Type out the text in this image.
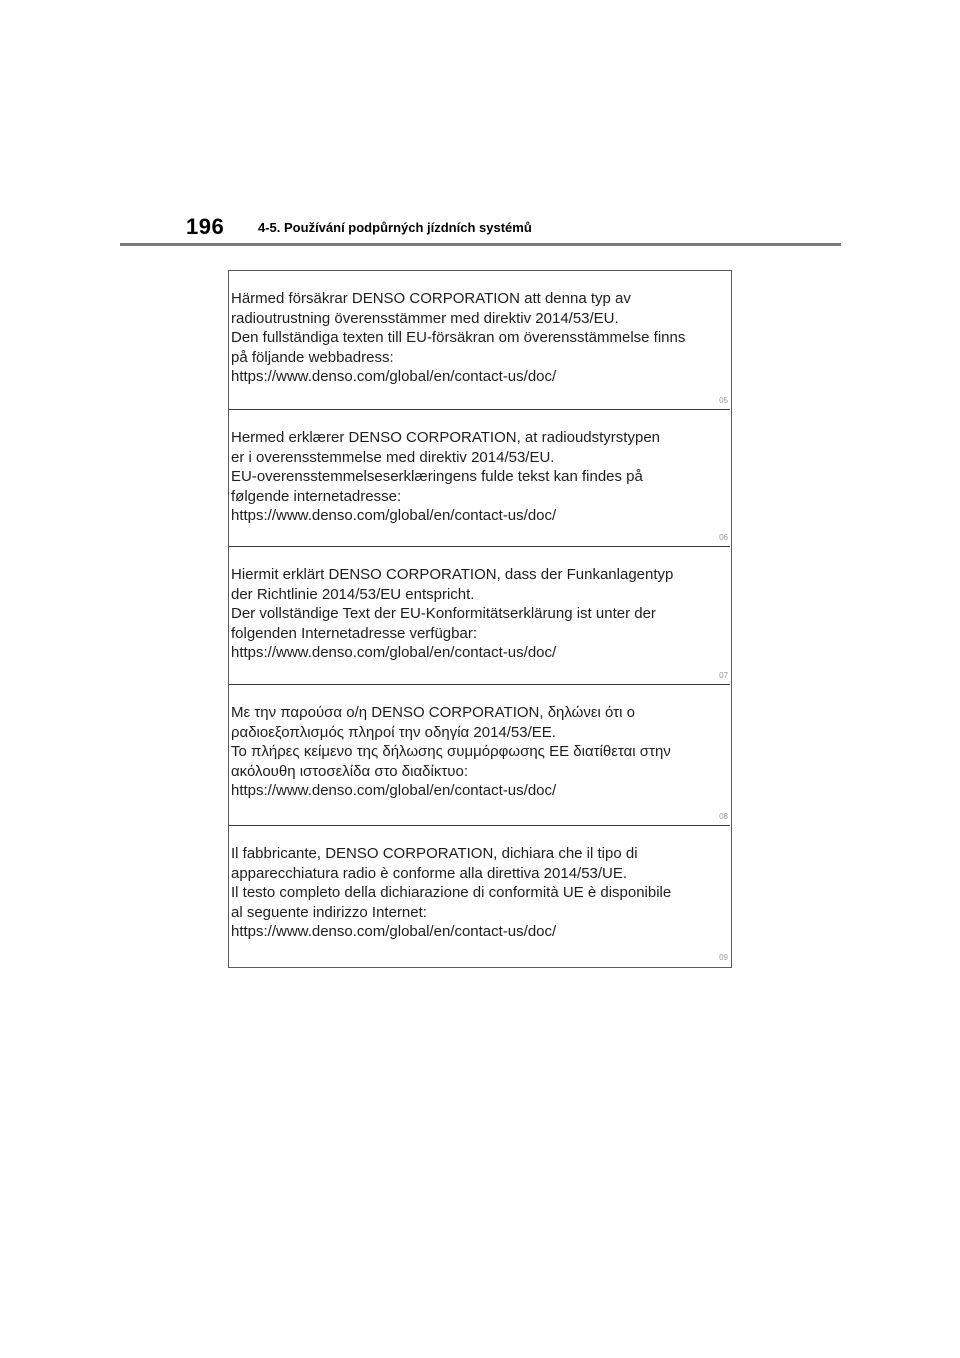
196	4-5. Používání podpůrných jízdních systémů
Härmed försäkrar DENSO CORPORATION att denna typ av
radioutrustning överensstämmer med direktiv 2014/53/EU.
Den fullständiga texten till EU-försäkran om överensstämmelse finns
på följande webbadress:
https://www.denso.com/global/en/contact-us/doc/
05
Hermed erklærer DENSO CORPORATION, at radioudstyrstypen
er i overensstemmelse med direktiv 2014/53/EU.
EU-overensstemmelseserklæringens fulde tekst kan findes på
følgende internetadresse:
https://www.denso.com/global/en/contact-us/doc/
06
Hiermit erklärt DENSO CORPORATION, dass der Funkanlagentyp
der Richtlinie 2014/53/EU entspricht.
Der vollständige Text der EU-Konformitätserklärung ist unter der
folgenden Internetadresse verfügbar:
https://www.denso.com/global/en/contact-us/doc/
07
Με την παρούσα ο/η DENSO CORPORATION, δηλώνει ότι ο
ραδιοεξοπλισμός πληροί την οδηγία 2014/53/ΕΕ.
Το πλήρες κείμενο της δήλωσης συμμόρφωσης ΕΕ διατίθεται στην
ακόλουθη ιστοσελίδα στο διαδίκτυο:
https://www.denso.com/global/en/contact-us/doc/
08
Il fabbricante, DENSO CORPORATION, dichiara che il tipo di
apparecchiatura radio è conforme alla direttiva 2014/53/UE.
Il testo completo della dichiarazione di conformità UE è disponibile
al seguente indirizzo Internet:
https://www.denso.com/global/en/contact-us/doc/
09
